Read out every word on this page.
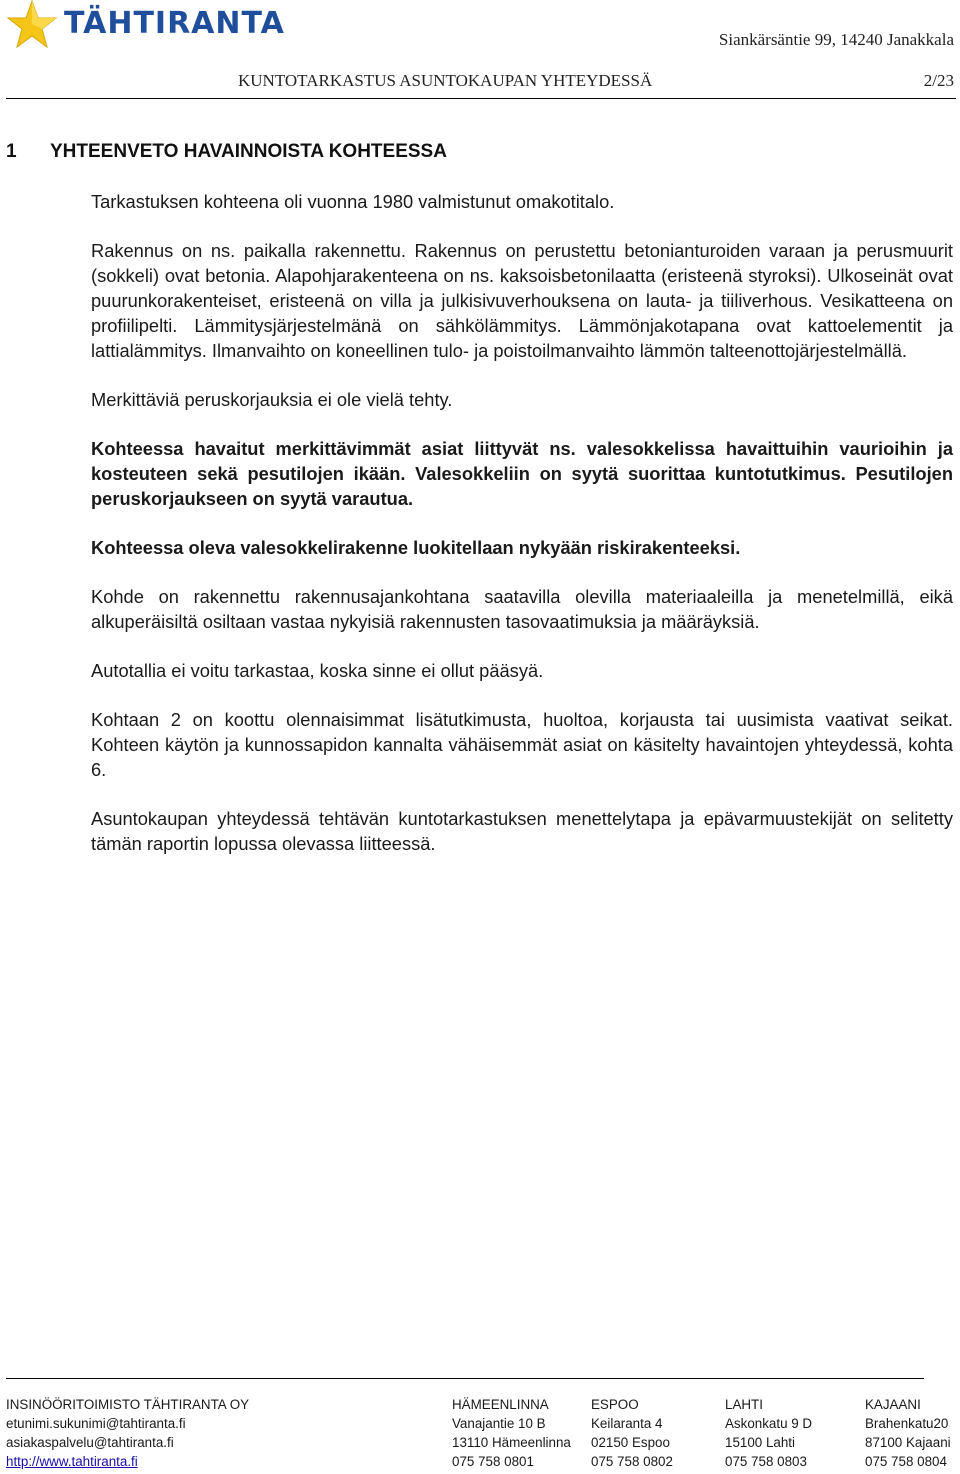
TÄHTIRANTA	Siankärsäntie 99, 14240 Janakkala
KUNTOTARKASTUS ASUNTOKAUPAN YHTEYDESSÄ	2/23
1 YHTEENVETO HAVAINNOISTA KOHTEESSA

Tarkastuksen kohteena oli vuonna 1980 valmistunut omakotitalo.

Rakennus on ns. paikalla rakennettu. Rakennus on perustettu betonianturoiden varaan ja perusmuurit (sokkeli) ovat betonia. Alapohjarakenteena on ns. kaksoisbetonilaatta (eristeenä styroksi). Ulkoseinät ovat puurunkorakenteiset, eristeenä on villa ja julkisivuverhouksena on lauta- ja tiiliverhous. Vesikatteena on profiilipelti. Lämmitysjärjestelmänä on sähkölämmitys. Lämmönjakotapana ovat kattoelementit ja lattialämmitys. Ilmanvaihto on koneellinen tulo- ja poistoilmanvaihto lämmön talteenottojärjestelmällä.

Merkittäviä peruskorjauksia ei ole vielä tehty.

Kohteessa havaitut merkittävimmät asiat liittyvät ns. valesokkelissa havaittuihin vaurioihin ja kosteuteen sekä pesutilojen ikään. Valesokkeliin on syytä suorittaa kuntotutkimus. Pesutilojen peruskorjaukseen on syytä varautua.

Kohteessa oleva valesokkelirakenne luokitellaan nykyään riskirakenteeksi.

Kohde on rakennettu rakennusajankohtana saatavilla olevilla materiaaleilla ja menetelmillä, eikä alkuperäisiltä osiltaan vastaa nykyisiä rakennusten tasovaatimuksia ja määräyksiä.

Autotallia ei voitu tarkastaa, koska sinne ei ollut pääsyä.

Kohtaan 2 on koottu olennaisimmat lisätutkimusta, huoltoa, korjausta tai uusimista vaativat seikat. Kohteen käytön ja kunnossapidon kannalta vähäisemmät asiat on käsitelty havaintojen yhteydessä, kohta 6.

Asuntokaupan yhteydessä tehtävän kuntotarkastuksen menettelytapa ja epävarmuustekijät on selitetty tämän raportin lopussa olevassa liitteessä.

INSINÖÖRITOIMISTO TÄHTIRANTA OY
etunimi.sukunimi@tahtiranta.fi
asiakaspalvelu@tahtiranta.fi
http://www.tahtiranta.fi
HÄMEENLINNA
Vanajantie 10 B
13110 Hämeenlinna
075 758 0801
ESPOO
Keilaranta 4
02150 Espoo
075 758 0802
LAHTI
Askonkatu 9 D
15100 Lahti
075 758 0803
KAJAANI
Brahenkatu20
87100 Kajaani
075 758 0804
